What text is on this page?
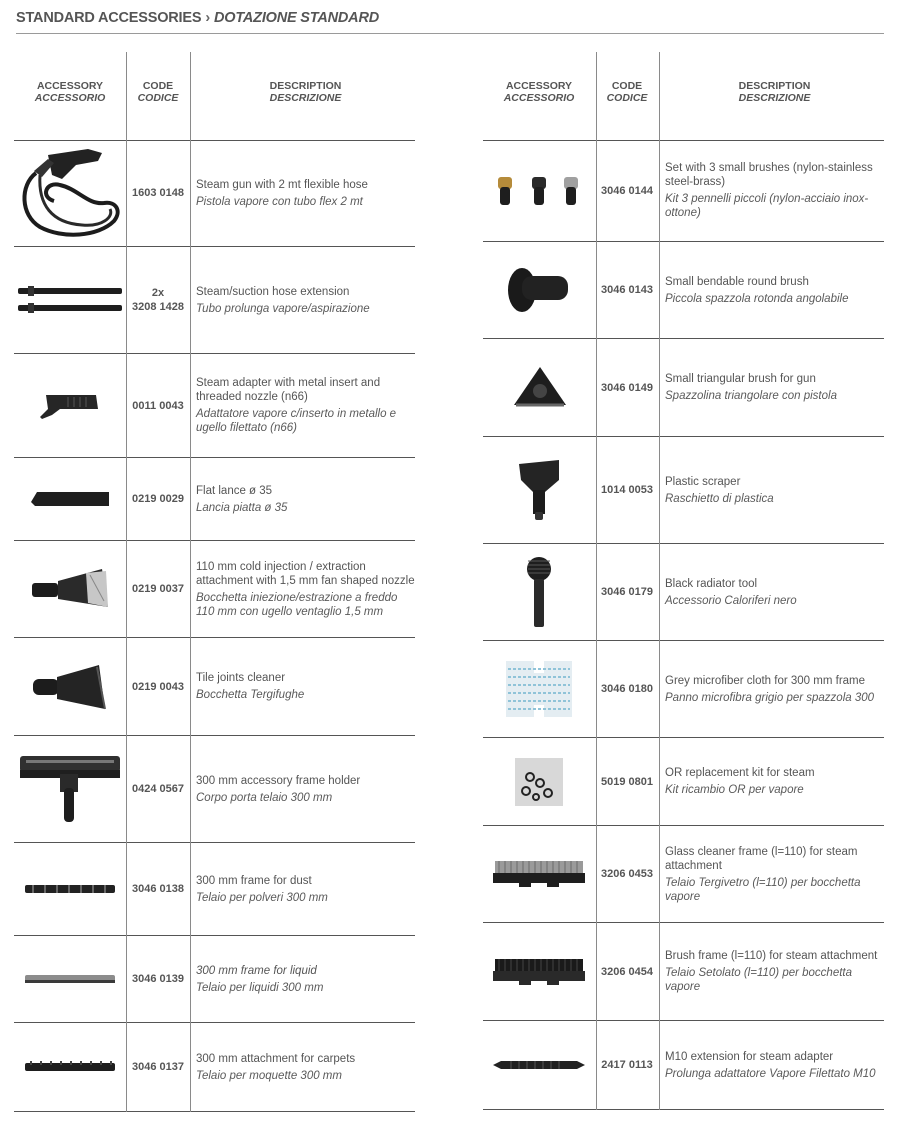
STANDARD ACCESSORIES › DOTAZIONE STANDARD
ACCESSORY
ACCESSORIO
CODE
CODICE
DESCRIPTION
DESCRIZIONE
1603 0148
Steam gun with 2 mt flexible hose
Pistola vapore con tubo flex 2 mt
2x
3208 1428
Steam/suction hose extension
Tubo prolunga vapore/aspirazione
0011 0043
Steam adapter with metal insert and threaded nozzle (n66)
Adattatore vapore c/inserto in metallo e ugello filettato (n66)
0219 0029
Flat lance ø 35
Lancia piatta ø 35
0219 0037
110 mm cold injection / extraction attachment with 1,5 mm fan shaped nozzle
Bocchetta iniezione/estrazione a freddo 110 mm con ugello ventaglio 1,5 mm
0219 0043
Tile joints cleaner
Bocchetta Tergifughe
0424 0567
300 mm accessory frame holder
Corpo porta telaio 300 mm
3046 0138
300 mm frame for dust
Telaio per polveri 300 mm
3046 0139
300 mm frame for liquid
Telaio per liquidi 300 mm
3046 0137
300 mm attachment for carpets
Telaio per moquette 300 mm
ACCESSORY
ACCESSORIO
CODE
CODICE
DESCRIPTION
DESCRIZIONE
3046 0144
Set with 3 small brushes (nylon-stainless steel-brass)
Kit 3 pennelli piccoli (nylon-acciaio inox-ottone)
3046 0143
Small bendable round brush
Piccola spazzola rotonda angolabile
3046 0149
Small triangular brush for gun
Spazzolina triangolare con pistola
1014 0053
Plastic scraper
Raschietto di plastica
3046 0179
Black radiator tool
Accessorio Caloriferi nero
3046 0180
Grey microfiber cloth for 300 mm frame
Panno microfibra grigio per spazzola 300
5019 0801
OR replacement kit for steam
Kit ricambio OR per vapore
3206 0453
Glass cleaner frame (l=110) for steam attachment
Telaio Tergivetro (l=110) per bocchetta vapore
3206 0454
Brush frame (l=110) for steam attachment
Telaio Setolato (l=110) per bocchetta vapore
2417 0113
M10 extension for steam adapter
Prolunga adattatore Vapore Filettato M10
